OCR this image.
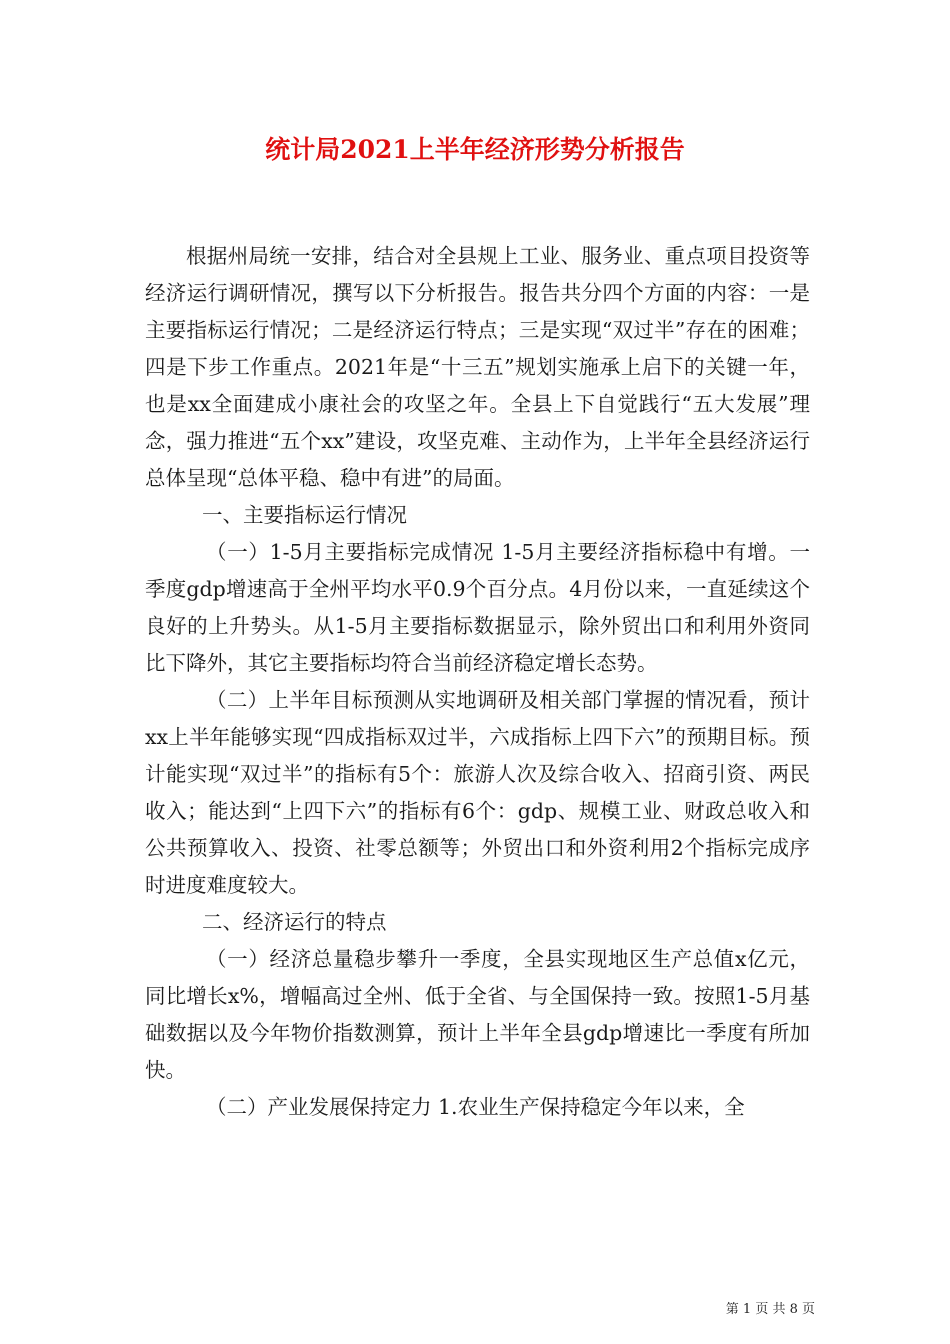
统计局2021上半年经济形势分析报告

根据州局统一安排，结合对全县规上工业、服务业、重点项目投资等经济运行调研情况，撰写以下分析报告。报告共分四个方面的内容：一是主要指标运行情况；二是经济运行特点；三是实现“双过半”存在的困难；四是下步工作重点。2021年是“十三五”规划实施承上启下的关键一年，也是xx全面建成小康社会的攻坚之年。全县上下自觉践行“五大发展”理念，强力推进“五个xx”建设，攻坚克难、主动作为，上半年全县经济运行总体呈现“总体平稳、稳中有进”的局面。

一、主要指标运行情况

（一）1-5月主要指标完成情况 1-5月主要经济指标稳中有增。一季度gdp增速高于全州平均水平0.9个百分点。4月份以来，一直延续这个良好的上升势头。从1-5月主要指标数据显示，除外贸出口和利用外资同比下降外，其它主要指标均符合当前经济稳定增长态势。

（二）上半年目标预测从实地调研及相关部门掌握的情况看，预计xx上半年能够实现“四成指标双过半，六成指标上四下六”的预期目标。预计能实现“双过半”的指标有5个：旅游人次及综合收入、招商引资、两民收入；能达到“上四下六”的指标有6个：gdp、规模工业、财政总收入和公共预算收入、投资、社零总额等；外贸出口和外资利用2个指标完成序时进度难度较大。

二、经济运行的特点

（一）经济总量稳步攀升一季度，全县实现地区生产总值x亿元，同比增长x%，增幅高过全州、低于全省、与全国保持一致。按照1-5月基础数据以及今年物价指数测算，预计上半年全县gdp增速比一季度有所加快。

（二）产业发展保持定力 1.农业生产保持稳定今年以来，全

第 1 页 共 8 页
